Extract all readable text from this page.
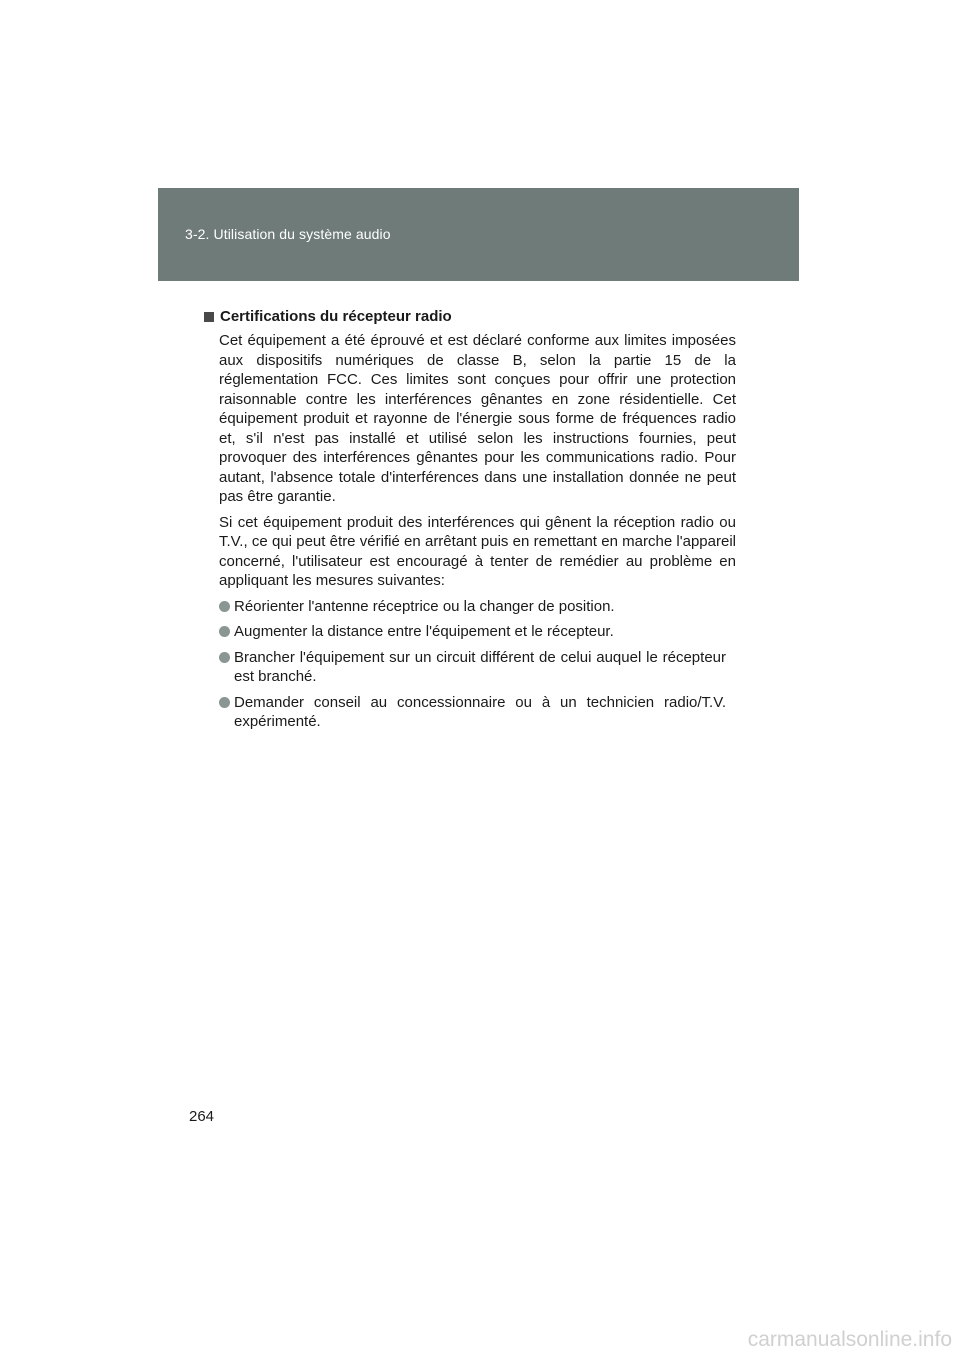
3-2. Utilisation du système audio
Certifications du récepteur radio

Cet équipement a été éprouvé et est déclaré conforme aux limites imposées aux dispositifs numériques de classe B, selon la partie 15 de la réglementation FCC. Ces limites sont conçues pour offrir une protection raisonnable contre les interférences gênantes en zone résidentielle. Cet équipement produit et rayonne de l'énergie sous forme de fréquences radio et, s'il n'est pas installé et utilisé selon les instructions fournies, peut provoquer des interférences gênantes pour les communications radio. Pour autant, l'absence totale d'interférences dans une installation donnée ne peut pas être garantie.

Si cet équipement produit des interférences qui gênent la réception radio ou T.V., ce qui peut être vérifié en arrêtant puis en remettant en marche l'appareil concerné, l'utilisateur est encouragé à tenter de remédier au problème en appliquant les mesures suivantes:

Réorienter l'antenne réceptrice ou la changer de position.
Augmenter la distance entre l'équipement et le récepteur.
Brancher l'équipement sur un circuit différent de celui auquel le récepteur est branché.
Demander conseil au concessionnaire ou à un technicien radio/T.V. expérimenté.
264
carmanualsonline.info
